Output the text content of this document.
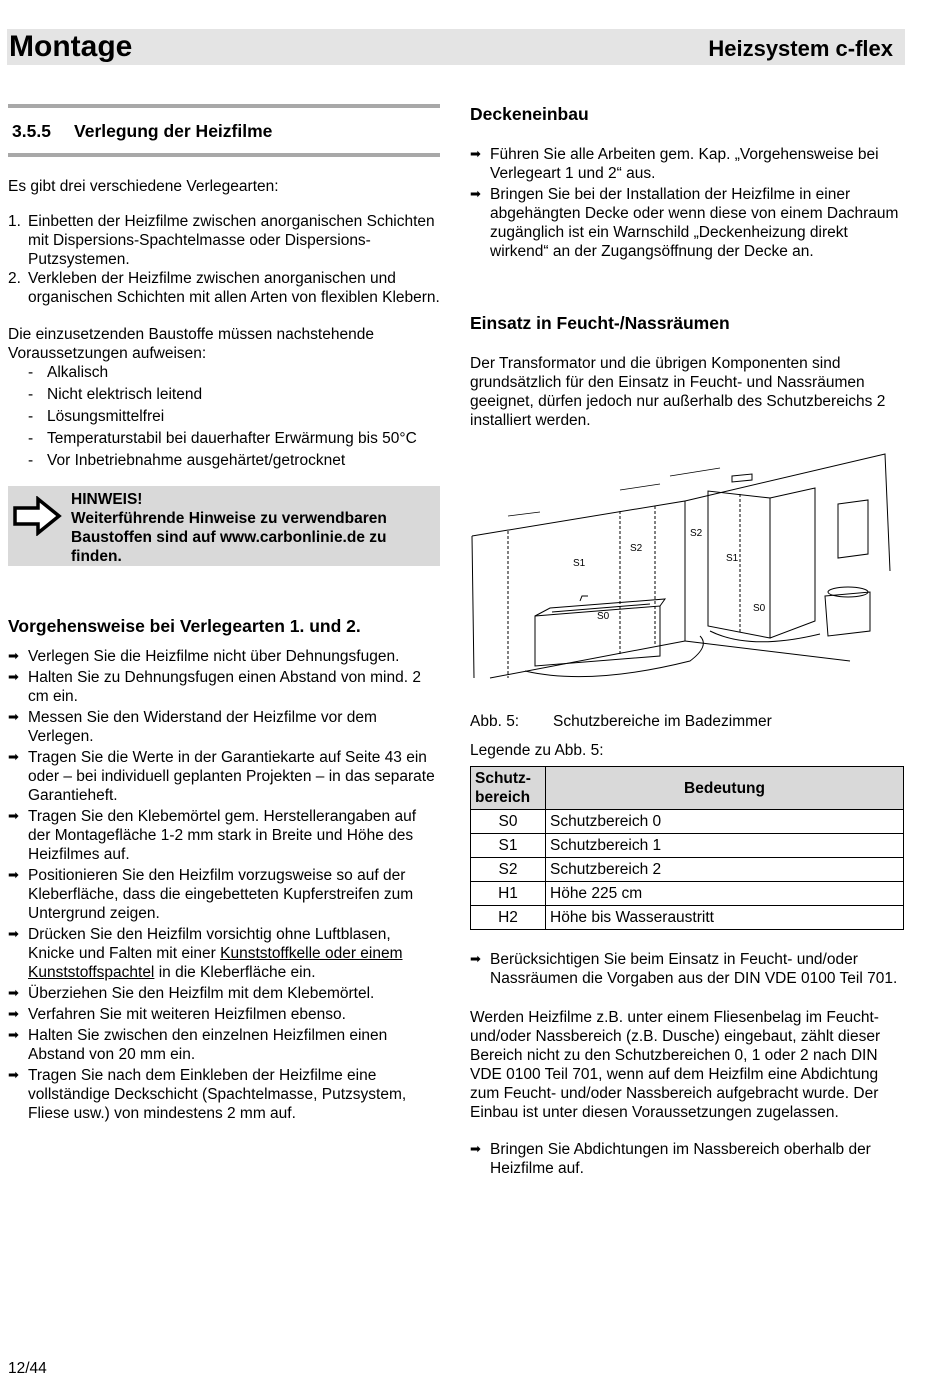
Montage	Heizsystem c-flex
3.5.5 Verlegung der Heizfilme

Es gibt drei verschiedene Verlegearten:

1. Einbetten der Heizfilme zwischen anorganischen Schichten mit Dispersions-Spachtelmasse oder Dispersions-Putzsystemen.
2. Verkleben der Heizfilme zwischen anorganischen und organischen Schichten mit allen Arten von flexiblen Klebern.

Die einzusetzenden Baustoffe müssen nachstehende Voraussetzungen aufweisen:

- Alkalisch
- Nicht elektrisch leitend
- Lösungsmittelfrei
- Temperaturstabil bei dauerhafter Erwärmung bis 50°C
- Vor Inbetriebnahme ausgehärtet/getrocknet
HINWEIS!
Weiterführende Hinweise zu verwendbaren Baustoffen sind auf www.carbonlinie.de zu finden.
Vorgehensweise bei Verlegearten 1. und 2.
➡ Verlegen Sie die Heizfilme nicht über Dehnungsfugen.
➡ Halten Sie zu Dehnungsfugen einen Abstand von mind. 2 cm ein.
➡ Messen Sie den Widerstand der Heizfilme vor dem Verlegen.
➡ Tragen Sie die Werte in der Garantiekarte auf Seite 43 ein oder – bei individuell geplanten Projekten – in das separate Garantieheft.
➡ Tragen Sie den Klebemörtel gem. Herstellerangaben auf der Montagefläche 1-2 mm stark in Breite und Höhe des Heizfilmes auf.
➡ Positionieren Sie den Heizfilm vorzugsweise so auf der Kleberfläche, dass die eingebetteten Kupferstreifen zum Untergrund zeigen.
➡ Drücken Sie den Heizfilm vorsichtig ohne Luftblasen, Knicke und Falten mit einer Kunststoffkelle oder einem Kunststoffspachtel in die Kleberfläche ein.
➡ Überziehen Sie den Heizfilm mit dem Klebemörtel.
➡ Verfahren Sie mit weiteren Heizfilmen ebenso.
➡ Halten Sie zwischen den einzelnen Heizfilmen einen Abstand von 20 mm ein.
➡ Tragen Sie nach dem Einkleben der Heizfilme eine vollständige Deckschicht (Spachtelmasse, Putzsystem, Fliese usw.) von mindestens 2 mm auf.
Deckeneinbau
➡ Führen Sie alle Arbeiten gem. Kap. „Vorgehensweise bei Verlegeart 1 und 2“ aus.
➡ Bringen Sie bei der Installation der Heizfilme in einer abgehängten Decke oder wenn diese von einem Dachraum zugänglich ist ein Warnschild „Deckenheizung direkt wirkend“ an der Zugangsöffnung der Decke an.
Einsatz in Feucht-/Nassräumen

Der Transformator und die übrigen Komponenten sind grundsätzlich für den Einsatz in Feucht- und Nassräumen geeignet, dürfen jedoch nur außerhalb des Schutzbereichs 2 installiert werden.

S0
S1
S2
S0
S1
S2
Abb. 5: Schutzbereiche im Badezimmer
Legende zu Abb. 5:
Schutz-bereich	Bedeutung
S0	Schutzbereich 0
S1	Schutzbereich 1
S2	Schutzbereich 2
H1	Höhe 225 cm
H2	Höhe bis Wasseraustritt
➡ Berücksichtigen Sie beim Einsatz in Feucht- und/oder Nassräumen die Vorgaben aus der DIN VDE 0100 Teil 701.

Werden Heizfilme z.B. unter einem Fliesenbelag im Feucht- und/oder Nassbereich (z.B. Dusche) eingebaut, zählt dieser Bereich nicht zu den Schutzbereichen 0, 1 oder 2 nach DIN VDE 0100 Teil 701, wenn auf dem Heizfilm eine Abdichtung zum Feucht- und/oder Nassbereich aufgebracht wurde. Der Einbau ist unter diesen Voraussetzungen zugelassen.

➡ Bringen Sie Abdichtungen im Nassbereich oberhalb der Heizfilme auf.
12/44
